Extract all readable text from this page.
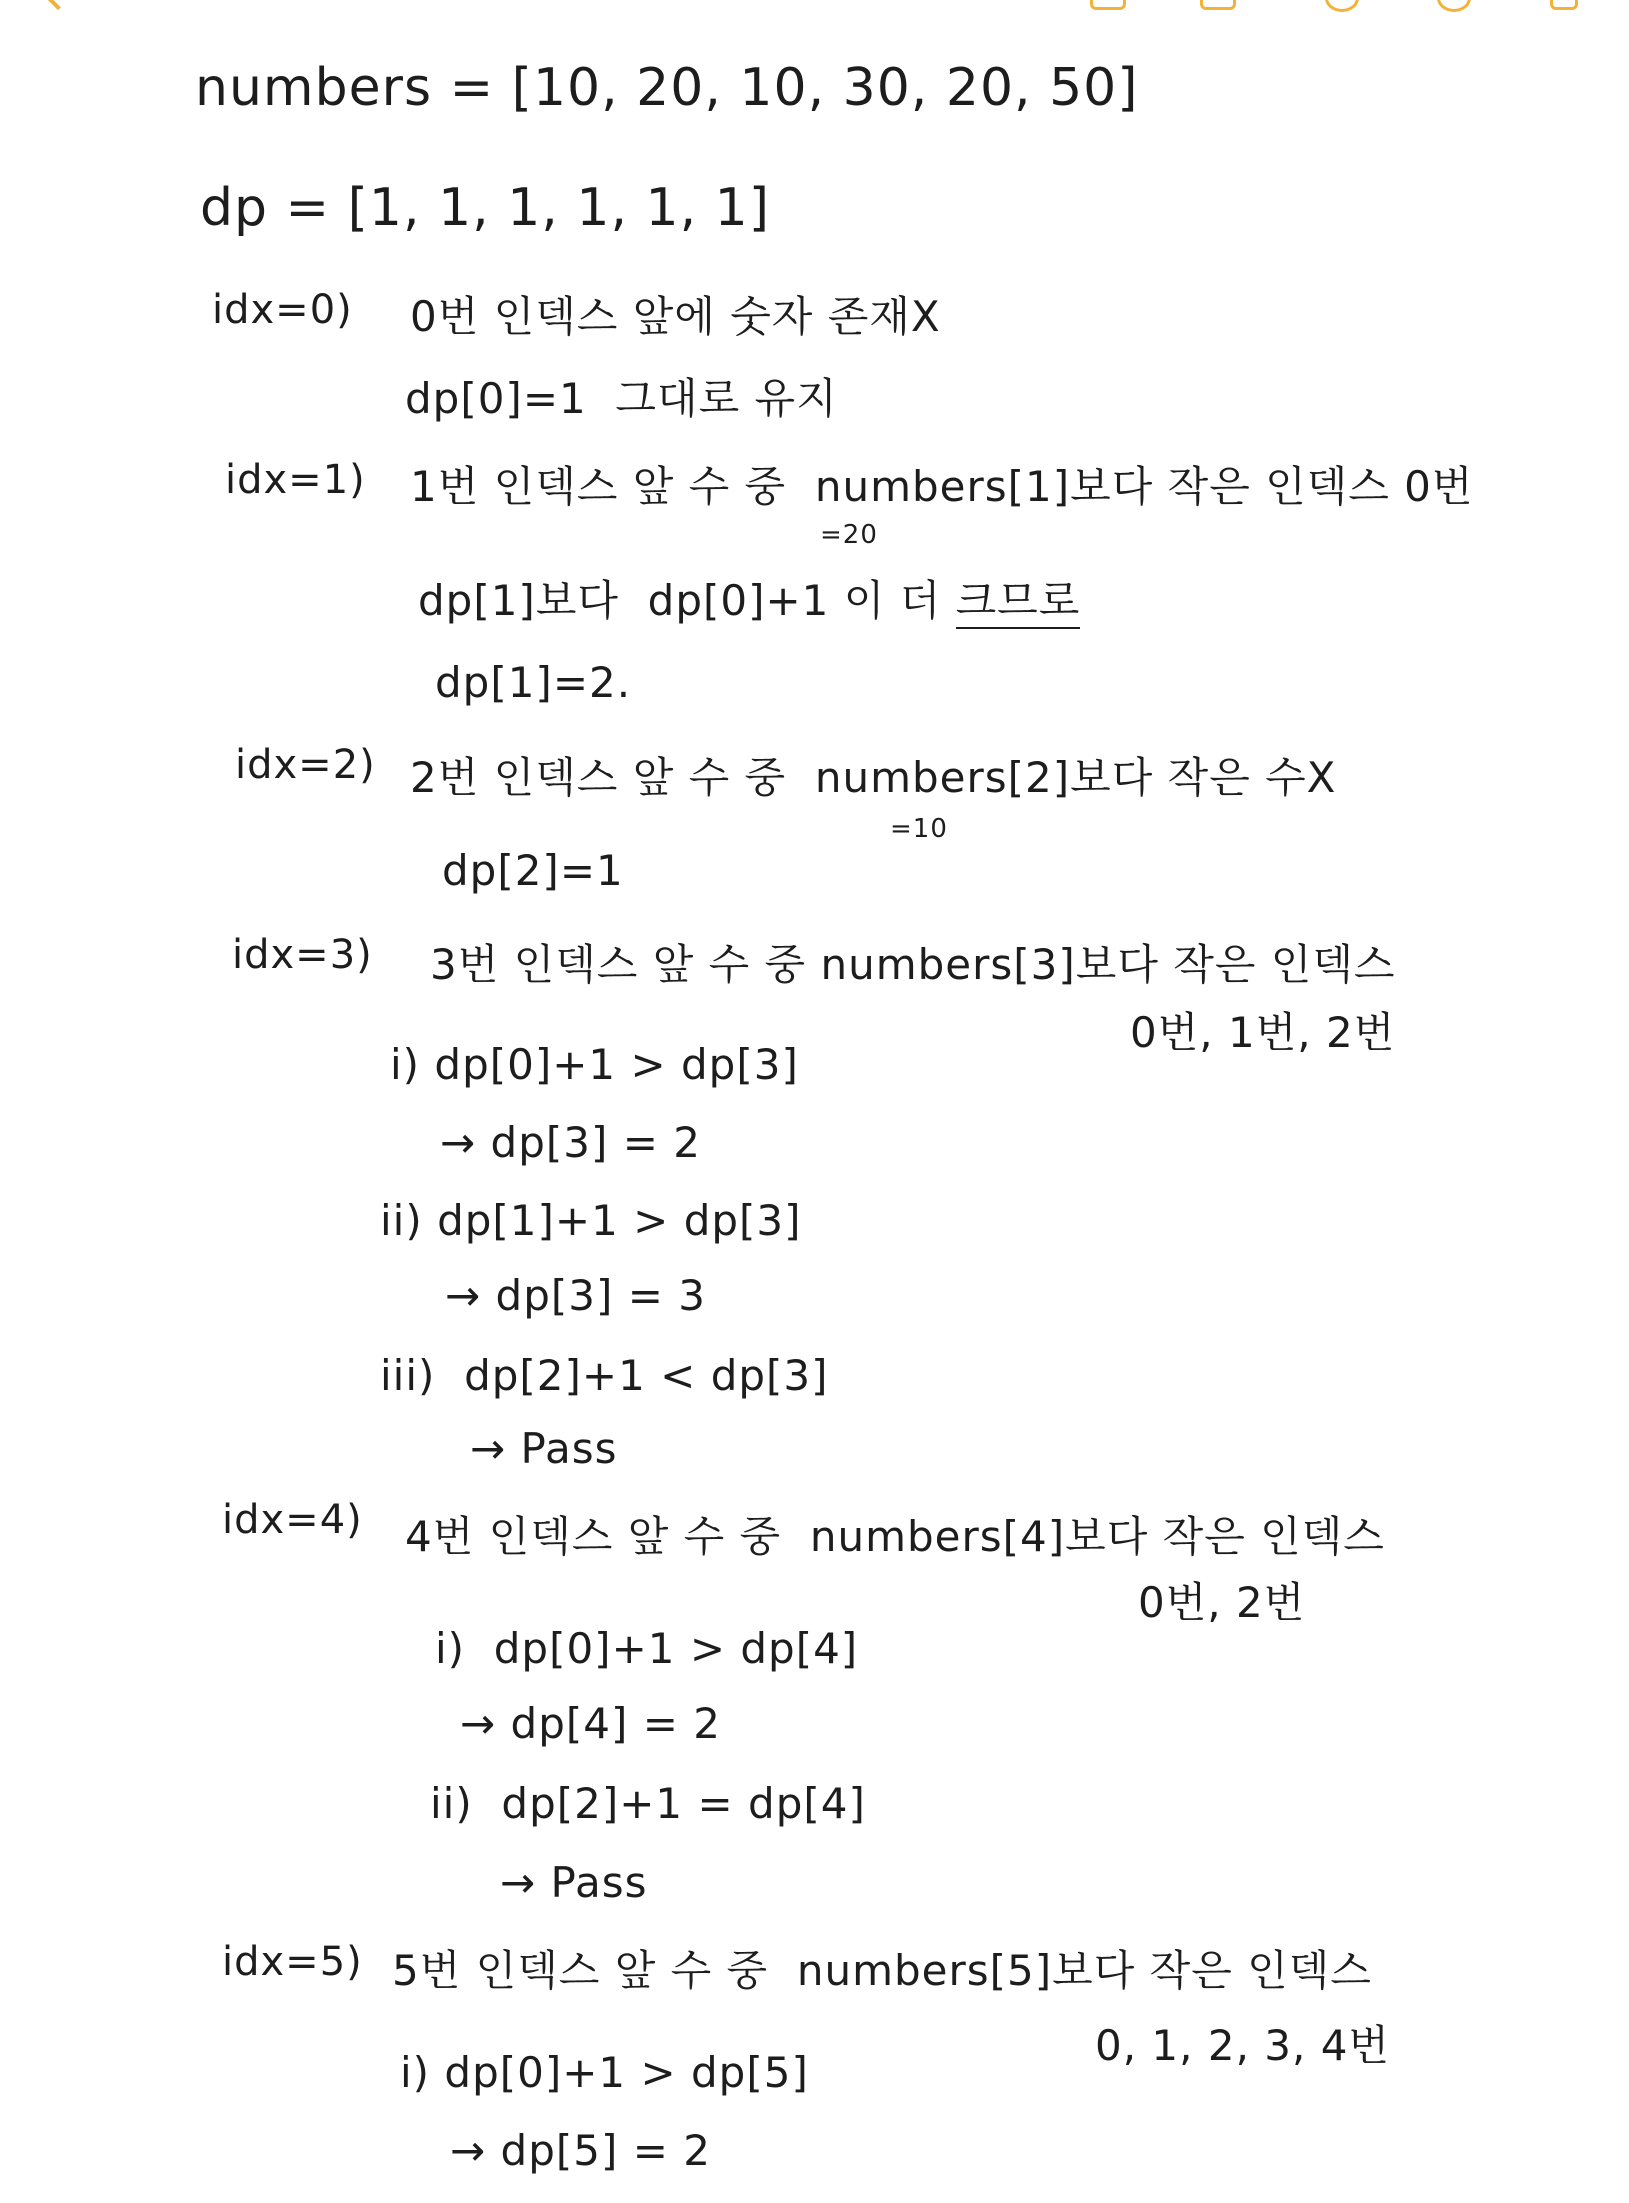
numbers = [10, 20, 10, 30, 20, 50]
dp = [1, 1, 1, 1, 1, 1]
idx=0) 0번 인덱스 앞에 숫자 존재X
dp[0]=1  그대로 유지
idx=1) 1번 인덱스 앞 수 중  numbers[1]보다 작은 인덱스 0번
=20
dp[1]보다  dp[0]+1 이 더 크므로
dp[1]=2.
idx=2) 2번 인덱스 앞 수 중  numbers[2]보다 작은 수X
=10
dp[2]=1
idx=3) 3번 인덱스 앞 수 중 numbers[3]보다 작은 인덱스
0번, 1번, 2번
i) dp[0]+1 > dp[3]
→ dp[3] = 2
ii) dp[1]+1 > dp[3]
→ dp[3] = 3
iii)  dp[2]+1 < dp[3]
→ Pass
idx=4) 4번 인덱스 앞 수 중  numbers[4]보다 작은 인덱스
0번, 2번
i)  dp[0]+1 > dp[4]
→ dp[4] = 2
ii)  dp[2]+1 = dp[4]
→ Pass
idx=5) 5번 인덱스 앞 수 중  numbers[5]보다 작은 인덱스
0, 1, 2, 3, 4번
i) dp[0]+1 > dp[5]
→ dp[5] = 2
